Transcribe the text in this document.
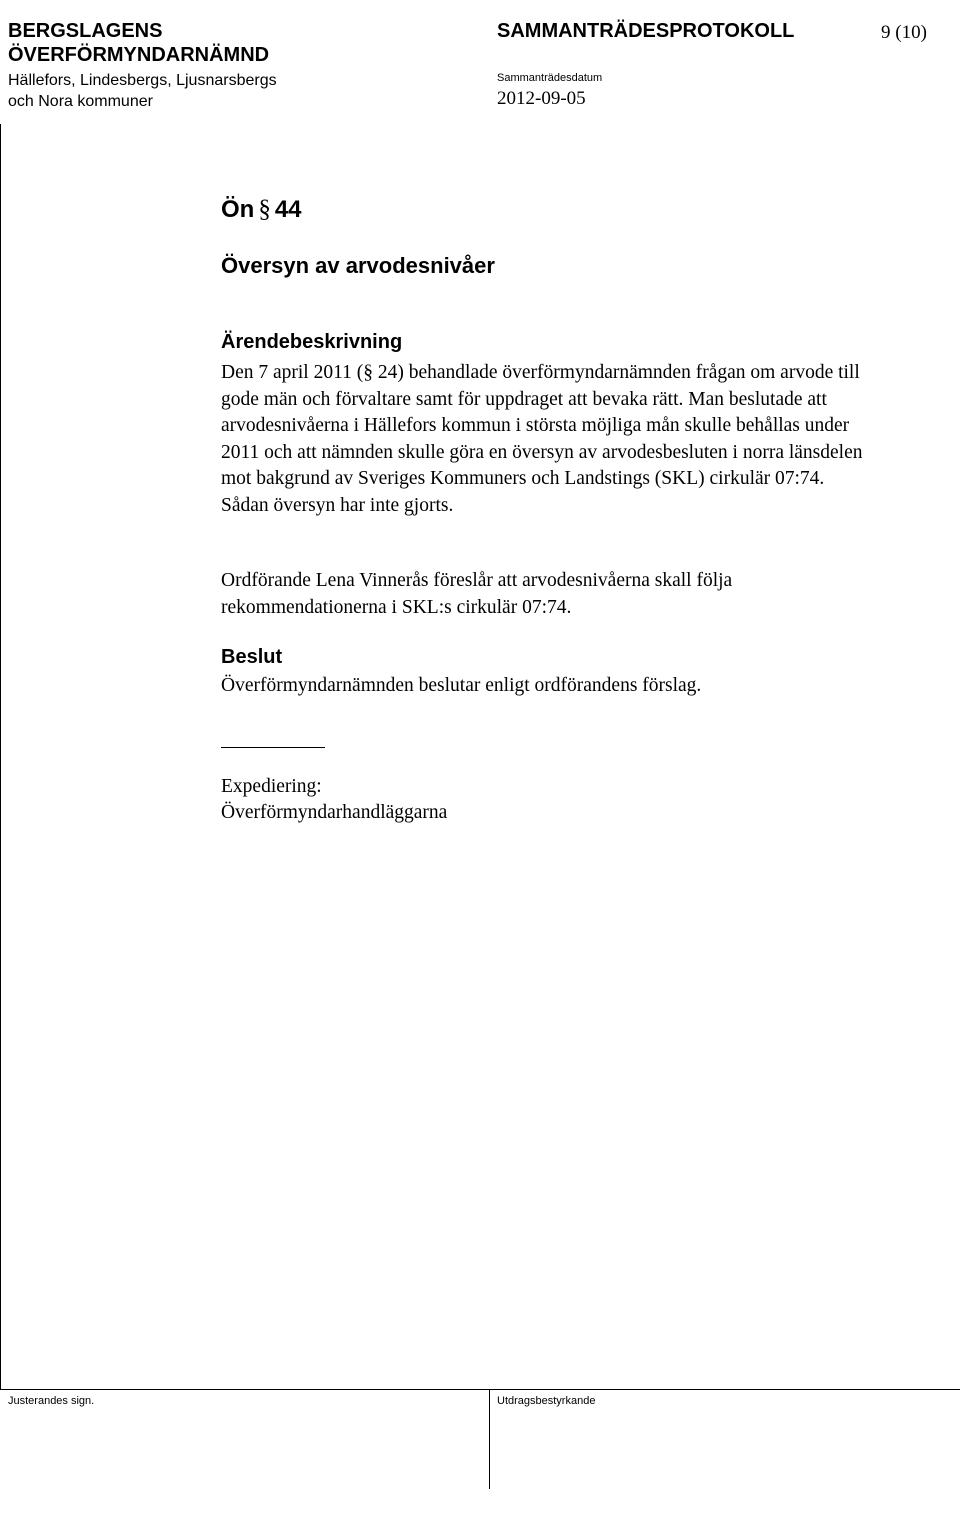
BERGSLAGENS
ÖVERFÖRMYNDARNÄMND
Hällefors, Lindesbergs, Ljusnarsbergs
och Nora kommuner
SAMMANTRÄDESPROTOKOLL	9 (10)
Sammanträdesdatum
2012-09-05
Ön § 44
Översyn av arvodesnivåer
Ärendebeskrivning
Den 7 april 2011 (§ 24) behandlade överförmyndarnämnden frågan om arvode till gode män och förvaltare samt för uppdraget att bevaka rätt. Man beslutade att arvodesnivåerna i Hällefors kommun i största möjliga mån skulle behållas under 2011 och att nämnden skulle göra en översyn av arvodesbesluten i norra länsdelen mot bakgrund av Sveriges Kommuners och Landstings (SKL) cirkulär 07:74. Sådan översyn har inte gjorts.
Ordförande Lena Vinnerås föreslår att arvodesnivåerna skall följa rekommendationerna i SKL:s cirkulär 07:74.
Beslut
Överförmyndarnämnden beslutar enligt ordförandens förslag.
Expediering:
Överförmyndarhandläggarna
Justerandes sign.	Utdragsbestyrkande
